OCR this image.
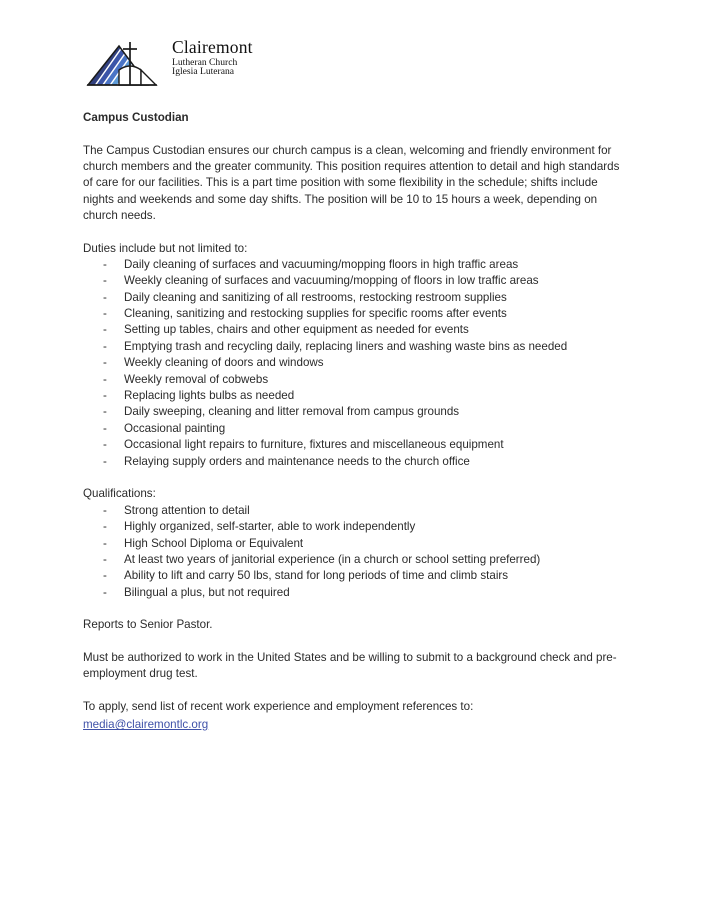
Clairemont
Lutheran Church
Iglesia Luterana
Campus Custodian

The Campus Custodian ensures our church campus is a clean, welcoming and friendly environment for church members and the greater community. This position requires attention to detail and high standards of care for our facilities. This is a part time position with some flexibility in the schedule; shifts include nights and weekends and some day shifts. The position will be 10 to 15 hours a week, depending on church needs.

Duties include but not limited to:
- Daily cleaning of surfaces and vacuuming/mopping floors in high traffic areas
- Weekly cleaning of surfaces and vacuuming/mopping of floors in low traffic areas
- Daily cleaning and sanitizing of all restrooms, restocking restroom supplies
- Cleaning, sanitizing and restocking supplies for specific rooms after events
- Setting up tables, chairs and other equipment as needed for events
- Emptying trash and recycling daily, replacing liners and washing waste bins as needed
- Weekly cleaning of doors and windows
- Weekly removal of cobwebs
- Replacing lights bulbs as needed
- Daily sweeping, cleaning and litter removal from campus grounds
- Occasional painting
- Occasional light repairs to furniture, fixtures and miscellaneous equipment
- Relaying supply orders and maintenance needs to the church office
Qualifications:
- Strong attention to detail
- Highly organized, self-starter, able to work independently
- High School Diploma or Equivalent
- At least two years of janitorial experience (in a church or school setting preferred)
- Ability to lift and carry 50 lbs, stand for long periods of time and climb stairs
- Bilingual a plus, but not required

Reports to Senior Pastor.

Must be authorized to work in the United States and be willing to submit to a background check and pre-employment drug test.

To apply, send list of recent work experience and employment references to:

media@clairemontlc.org
